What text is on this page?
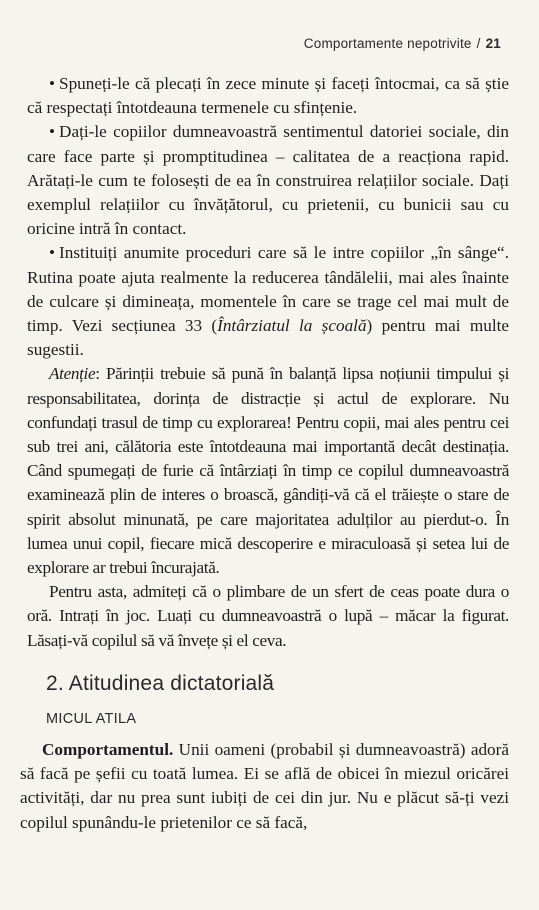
Comportamente nepotrivite / 21

• Spuneți-le că plecați în zece minute și faceți întocmai, ca să știe că respectați întotdeauna termenele cu sfințenie.

• Dați-le copiilor dumneavoastră sentimentul datoriei sociale, din care face parte și promptitudinea – calitatea de a reacționa rapid. Arătați-le cum te folosești de ea în construirea relațiilor sociale. Dați exemplul relațiilor cu învățătorul, cu prietenii, cu bunicii sau cu oricine intră în contact.

• Instituiți anumite proceduri care să le intre copiilor „în sânge“. Rutina poate ajuta realmente la reducerea tândălelii, mai ales înainte de culcare și dimineața, momentele în care se trage cel mai mult de timp. Vezi secțiunea 33 (Întârziatul la școală) pentru mai multe sugestii.

Atenție: Părinții trebuie să pună în balanță lipsa noțiunii timpului și responsabilitatea, dorința de distracție și actul de explorare. Nu confundați trasul de timp cu explorarea! Pentru copii, mai ales pentru cei sub trei ani, călătoria este întotdeauna mai importantă decât destinația. Când spumegați de furie că întârziați în timp ce copilul dumneavoastră examinează plin de interes o broască, gândiți-vă că el trăiește o stare de spirit absolut minunată, pe care majoritatea adulților au pierdut-o. În lumea unui copil, fiecare mică descoperire e miraculoasă și setea lui de explorare ar trebui încurajată.

Pentru asta, admiteți că o plimbare de un sfert de ceas poate dura o oră. Intrați în joc. Luați cu dumneavoastră o lupă – măcar la figurat. Lăsați-vă copilul să vă învețe și el ceva.

2. Atitudinea dictatorială
MICUL ATILA

Comportamentul. Unii oameni (probabil și dumneavoastră) adoră să facă pe șefii cu toată lumea. Ei se află de obicei în miezul oricărei activități, dar nu prea sunt iubiți de cei din jur. Nu e plăcut să-ți vezi copilul spunându-le prietenilor ce să facă,
